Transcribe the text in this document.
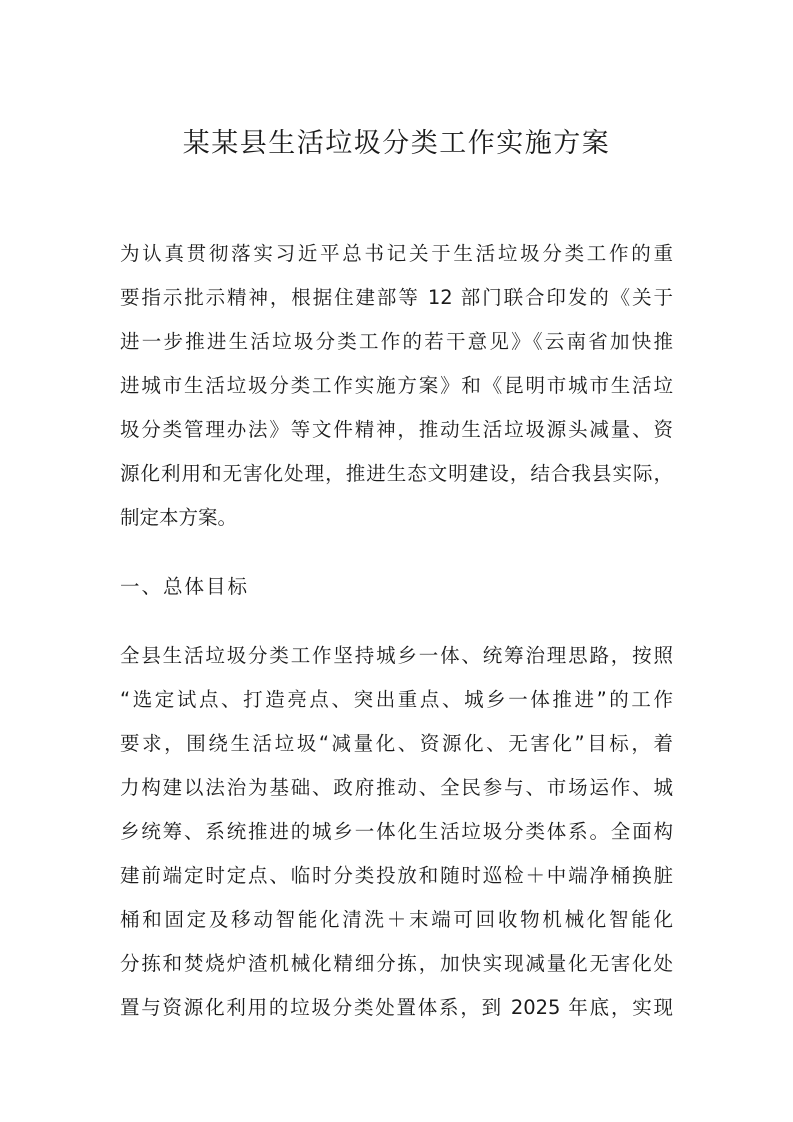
某某县生活垃圾分类工作实施方案
为认真贯彻落实习近平总书记关于生活垃圾分类工作的重
要指示批示精神，根据住建部等 12 部门联合印发的《关于
进一步推进生活垃圾分类工作的若干意见》《云南省加快推
进城市生活垃圾分类工作实施方案》和《昆明市城市生活垃
圾分类管理办法》等文件精神，推动生活垃圾源头减量、资
源化利用和无害化处理，推进生态文明建设，结合我县实际，
制定本方案。
一、总体目标
全县生活垃圾分类工作坚持城乡一体、统筹治理思路，按照
“选定试点、打造亮点、突出重点、城乡一体推进”的工作
要求，围绕生活垃圾“减量化、资源化、无害化”目标，着
力构建以法治为基础、政府推动、全民参与、市场运作、城
乡统筹、系统推进的城乡一体化生活垃圾分类体系。全面构
建前端定时定点、临时分类投放和随时巡检＋中端净桶换脏
桶和固定及移动智能化清洗＋末端可回收物机械化智能化
分拣和焚烧炉渣机械化精细分拣，加快实现减量化无害化处
置与资源化利用的垃圾分类处置体系，到 2025 年底，实现
